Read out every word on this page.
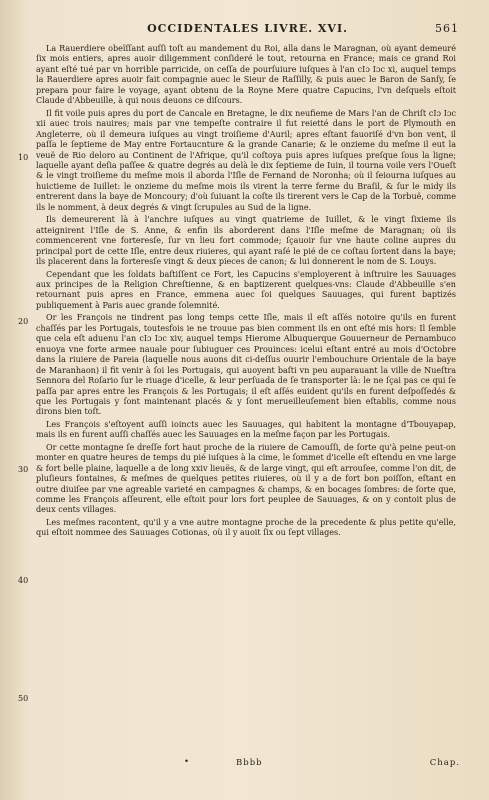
OCCIDENTALES LIVRE. XVI.	561
10
20
30
40
50

La Rauerdiere obeïſſant auſſi toſt au mandement du Roi, alla dans le Maragnan, où ayant demeuré ſix mois entiers, apres auoir diligemment conſideré le tout, retourna en France; mais ce grand Roi ayant eſté tué par vn horrible parricide, on ceſſa de pourſuiure iuſques à l'an cIɔ Iɔc xi, auquel temps la Rauerdiere apres auoir fait compagnie auec le Sieur de Raſſilly, & puis auec le Baron de Sanſy, ſe prepara pour faire le voyage, ayant obtenu de la Royne Mere quatre Capucins, l'vn deſquels eſtoit Claude d'Abbeuille, à qui nous deuons ce diſcours.

Il fit voile puis apres du port de Cancale en Bretagne, le dix neufieme de Mars l'an de Chriſt cIɔ Iɔc xii auec trois nauires; mais par vne tempeſte contraire il fut reietté dans le port de Plymouth en Angleterre, où il demeura iuſques au vingt troiſieme d'Auril; apres eſtant fauoriſé d'vn bon vent, il paſſa le ſeptieme de May entre Fortaucnture & la grande Canarie; & le onzieme du meſme il eut la veuë de Rio deloro au Continent de l'Afrique, qu'il coſtoya puis apres iuſques preſque ſous la ligne; laquelle ayant deſia paſſee & quatre degrés au delà le dix ſeptieme de Iuin, il tourna voile vers l'Oueſt & le vingt troiſieme du meſme mois il aborda l'Iſle de Fernand de Noronha; où il ſeiourna iuſques au huictieme de Iuillet: le onzieme du meſme mois ils virent la terre ferme du Braſil, & ſur le midy ils entrerent dans la baye de Moncoury; d'où ſuiuant la coſte ils tirerent vers le Cap de la Torbuë, comme ils le nomment, à deux degrés & vingt ſcrupules au Sud de la ligne.

Ils demeurerent là à l'anchre iuſques au vingt quatrieme de Iuillet, & le vingt ſixieme ils atteignirent l'Iſle de S. Anne, & enfin ils aborderent dans l'Iſle meſme de Maragnan; où ils commencerent vne forteresſe, ſur vn lieu fort commode; ſçauoir ſur vne haute coline aupres du principal port de cette Iſle, entre deux riuieres, qui ayant raſé le pié de ce coſtau ſortent dans la baye; ils placerent dans la forteresſe vingt & deux pieces de canon; & lui donnerent le nom de S. Louys.

Cependant que les ſoldats baſtiſſent ce Fort, les Capucins s'employerent à inſtruire les Sauuages aux principes de la Religion Chreſtienne, & en baptizerent quelques-vns: Claude d'Abbeuille s'en retournant puis apres en France, emmena auec ſoi quelques Sauuages, qui furent baptizés publiquement à Paris auec grande ſolemnité.

Or les François ne tindrent pas long temps cette Iſle, mais il eſt aſſés notoire qu'ils en furent chaſſés par les Portugais, toutesfois ie ne trouue pas bien comment ils en ont eſté mis hors: Il ſemble que cela eſt aduenu l'an cIɔ Iɔc xiv, auquel temps Hierome Albuquerque Gouuerneur de Pernambuco enuoya vne forte armee nauale pour ſubiuguer ces Prouinces: icelui eſtant entré au mois d'Octobre dans la riuiere de Pareia (laquelle nous auons dit ci-deſſus ouurir l'embouchure Orientale de la baye de Maranhaon) il fit venir à ſoi les Portugais, qui auoyent baſti vn peu auparauant la ville de Nueſtra Sennora del Roſario ſur le riuage d'icelle, & leur perſuada de ſe transporter là: le ne ſçai pas ce qui ſe paſſa par apres entre les François & les Portugais; il eſt aſſés euident qu'ils en furent deſpoſſedés & que les Portugais y ſont maintenant placés & y ſont merueilleuſement bien eſtablis, comme nous dirons bien toſt.

Les François s'eſtoyent auſſi ioincts auec les Sauuages, qui habitent la montagne d'Tbouyapap, mais ils en furent auſſi chaſſés auec les Sauuages en la meſme façon par les Portugais.

Or cette montagne ſe dreſſe fort haut proche de la riuiere de Camouſſi, de ſorte qu'à peine peut-on monter en quatre heures de temps du pié iuſques à la cime, le ſommet d'icelle eſt eſtendu en vne large & fort belle plaine, laquelle a de long xxiv lieuës, & de large vingt, qui eſt arrouſee, comme l'on dit, de pluſieurs fontaines, & meſmes de quelques petites riuieres, où il y a de fort bon poiſſon, eſtant en outre diuiſee par vne agreable varieté en campagnes & champs, & en bocages ſombres: de ſorte que, comme les François aſſeurent, elle eſtoit pour lors fort peuplee de Sauuages, & on y contoit plus de deux cents villages.

Les meſmes racontent, qu'il y a vne autre montagne proche de la precedente & plus petite qu'elle, qui eſtoit nommee des Sauuages Cotionas, où il y auoit ſix ou ſept villages.

•	Bbbb	Chap.
